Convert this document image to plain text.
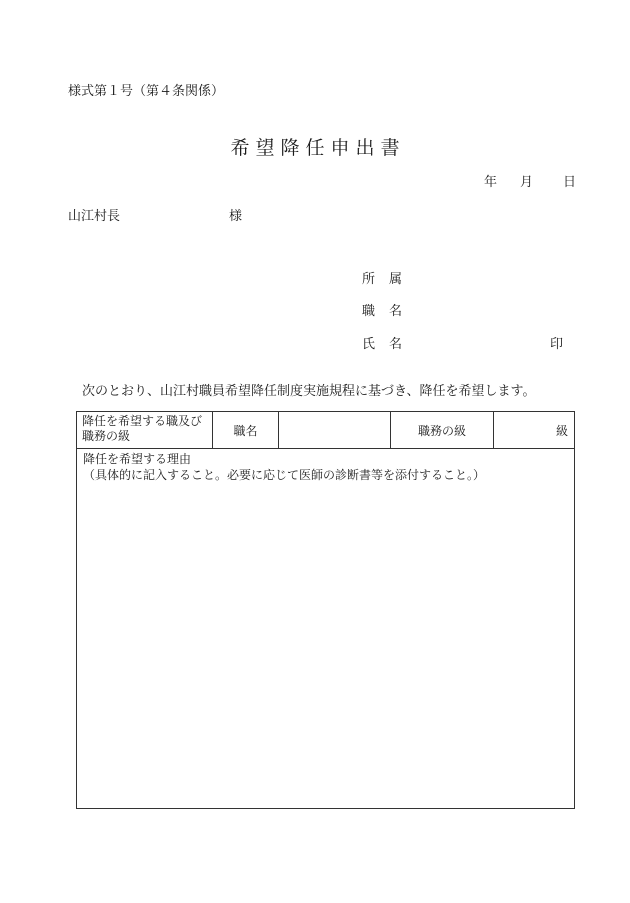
様式第１号（第４条関係）
希望降任申出書
年 月 日
山江村長	様
所属
職名
氏名	印
次のとおり、山江村職員希望降任制度実施規程に基づき、降任を希望します。
降任を希望する職及び職務の級	職名		職務の級	級

降任を希望する理由
（具体的に記入すること。必要に応じて医師の診断書等を添付すること。）
